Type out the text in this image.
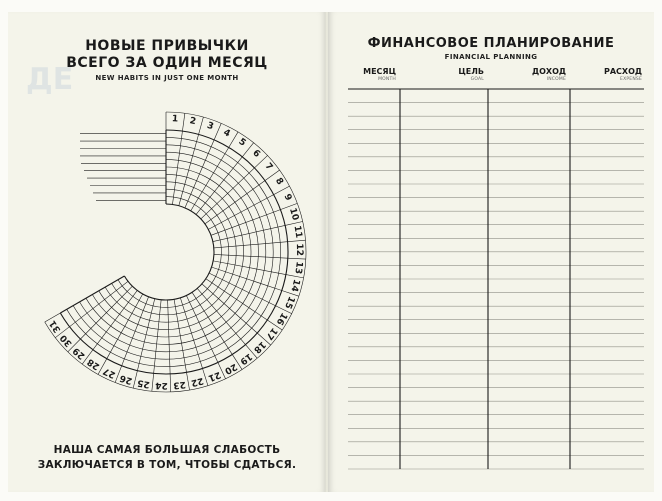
ДЕ
НОВЫЕ ПРИВЫЧКИ
ВСЕГО ЗА ОДИН МЕСЯЦ
NEW HABITS IN JUST ONE MONTH
1 2 3
4
5
6
7
8
9
10
11
12
13
14
15
16
17
18
19
20
21
22
23
24
25
26
27
28
29
30
31
НАША САМАЯ БОЛЬШАЯ СЛАБОСТЬ
ЗАКЛЮЧАЕТСЯ В ТОМ, ЧТОБЫ СДАТЬСЯ.
ФИНАНСОВОЕ ПЛАНИРОВАНИЕ
FINANCIAL PLANNING
МЕСЯЦ
MONTH
ЦЕЛЬ
GOAL
ДОХОД
INCOME
РАСХОД
EXPENSE
